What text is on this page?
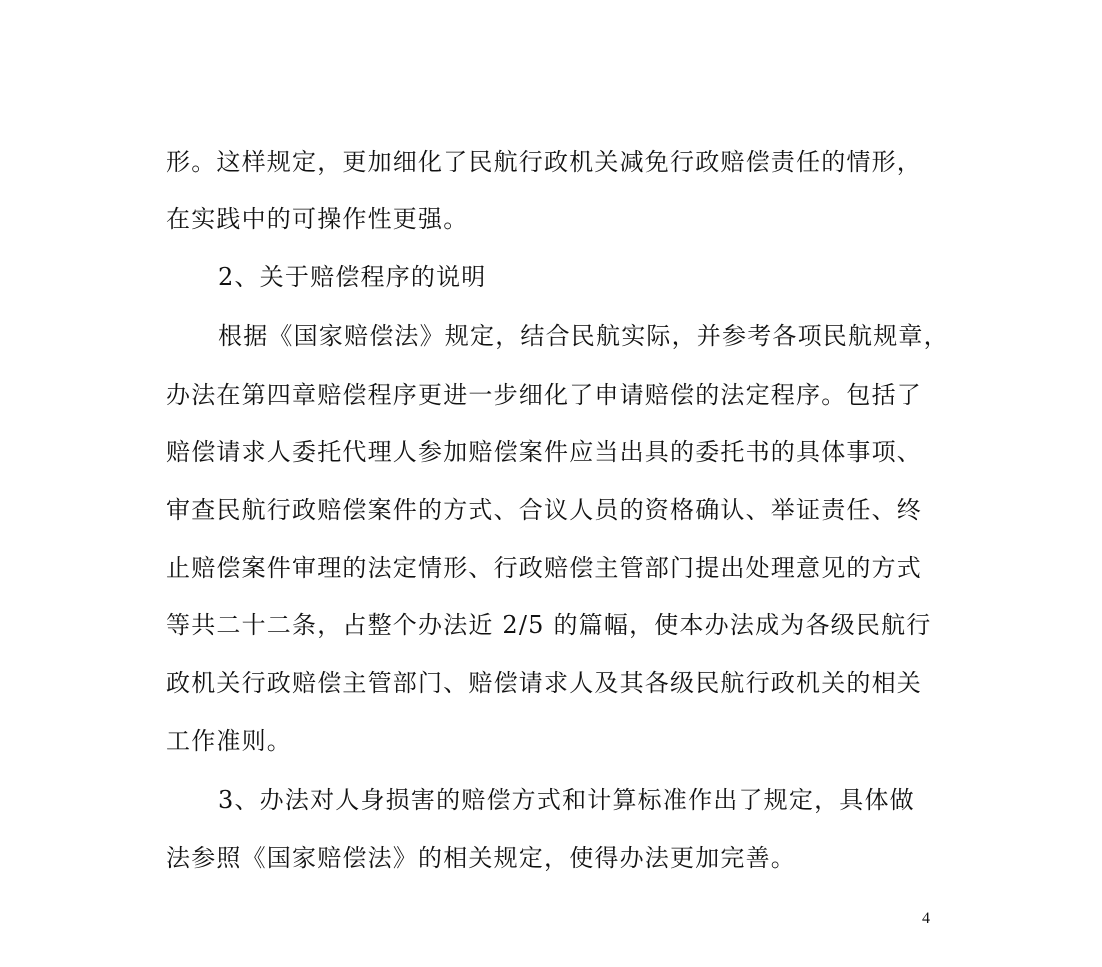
形。这样规定，更加细化了民航行政机关减免行政赔偿责任的情形，
在实践中的可操作性更强。
2、关于赔偿程序的说明
根据《国家赔偿法》规定，结合民航实际，并参考各项民航规章，
办法在第四章赔偿程序更进一步细化了申请赔偿的法定程序。包括了
赔偿请求人委托代理人参加赔偿案件应当出具的委托书的具体事项、
审查民航行政赔偿案件的方式、合议人员的资格确认、举证责任、终
止赔偿案件审理的法定情形、行政赔偿主管部门提出处理意见的方式
等共二十二条，占整个办法近 2/5 的篇幅，使本办法成为各级民航行
政机关行政赔偿主管部门、赔偿请求人及其各级民航行政机关的相关
工作准则。
3、办法对人身损害的赔偿方式和计算标准作出了规定，具体做
法参照《国家赔偿法》的相关规定，使得办法更加完善。
4
